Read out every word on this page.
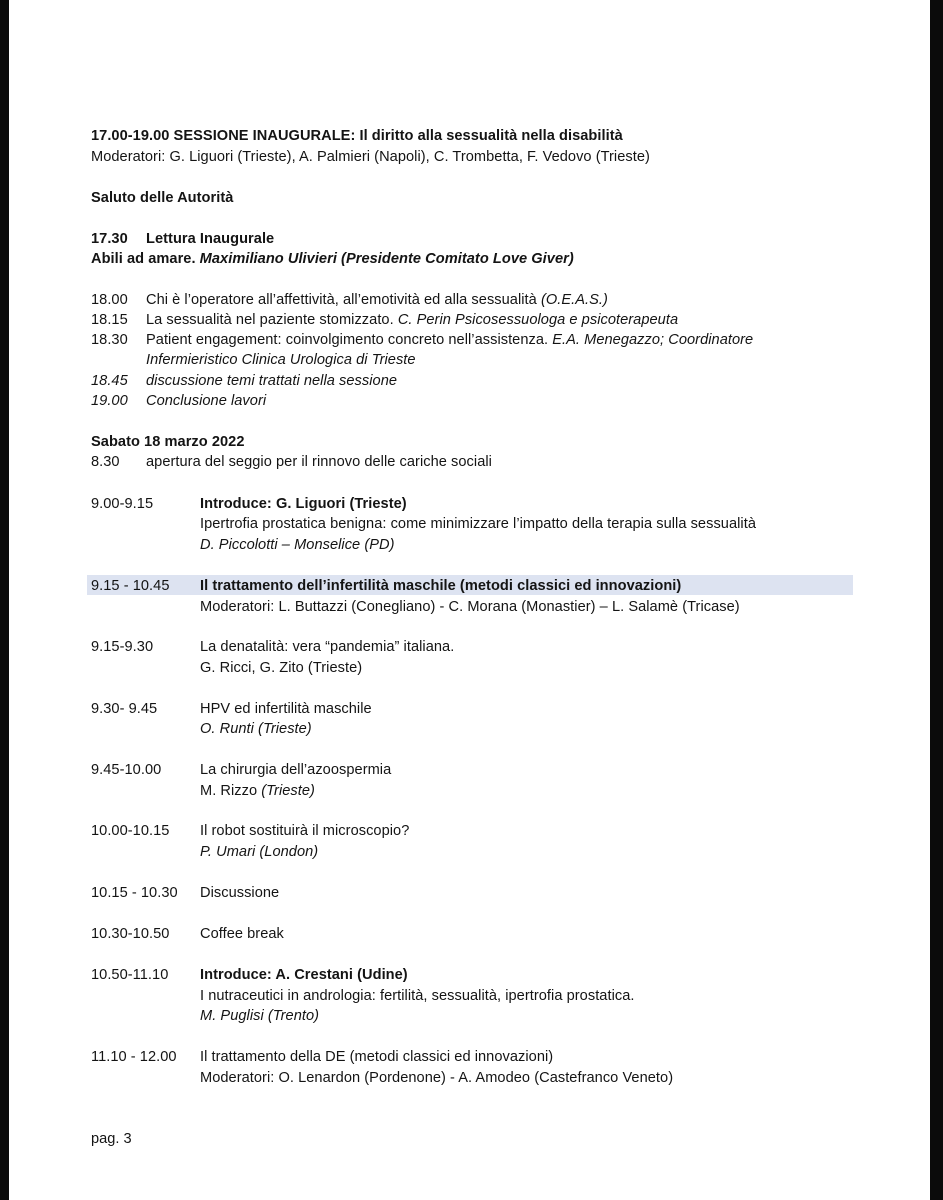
17.00-19.00 SESSIONE INAUGURALE: Il diritto alla sessualità nella disabilità
Moderatori: G. Liguori (Trieste), A. Palmieri (Napoli), C. Trombetta, F. Vedovo (Trieste)
Saluto delle Autorità
17.30 Lettura Inaugurale
Abili ad amare. Maximiliano Ulivieri (Presidente Comitato Love Giver)
18.00 Chi è l’operatore all’affettività, all’emotività ed alla sessualità (O.E.A.S.)
18.15 La sessualità nel paziente stomizzato. C. Perin Psicosessuologa e psicoterapeuta
18.30 Patient engagement: coinvolgimento concreto nell’assistenza. E.A. Menegazzo; Coordinatore
Infermieristico Clinica Urologica di Trieste
18.45 discussione temi trattati nella sessione
19.00 Conclusione lavori
Sabato 18 marzo 2022
8.30 apertura del seggio per il rinnovo delle cariche sociali
9.00-9.15	Introduce: G. Liguori (Trieste)
Ipertrofia prostatica benigna: come minimizzare l’impatto della terapia sulla sessualità
D. Piccolotti – Monselice (PD)
9.15 - 10.45 Il trattamento dell’infertilità maschile (metodi classici ed innovazioni)
Moderatori: L. Buttazzi (Conegliano) - C. Morana (Monastier) – L. Salamè (Tricase)
9.15-9.30	La denatalità: vera “pandemia” italiana.
G. Ricci, G. Zito (Trieste)
9.30- 9.45	HPV ed infertilità maschile
O. Runti (Trieste)
9.45-10.00	La chirurgia dell’azoospermia
M. Rizzo (Trieste)
10.00-10.15 Il robot sostituirà il microscopio?
P. Umari (London)
10.15 - 10.30 Discussione
10.30-10.50 Coffee break
10.50-11.10 Introduce: A. Crestani (Udine)
I nutraceutici in andrologia: fertilità, sessualità, ipertrofia prostatica.
M. Puglisi (Trento)
11.10 - 12.00 Il trattamento della DE (metodi classici ed innovazioni)
Moderatori: O. Lenardon (Pordenone) - A. Amodeo (Castefranco Veneto)
pag. 3
